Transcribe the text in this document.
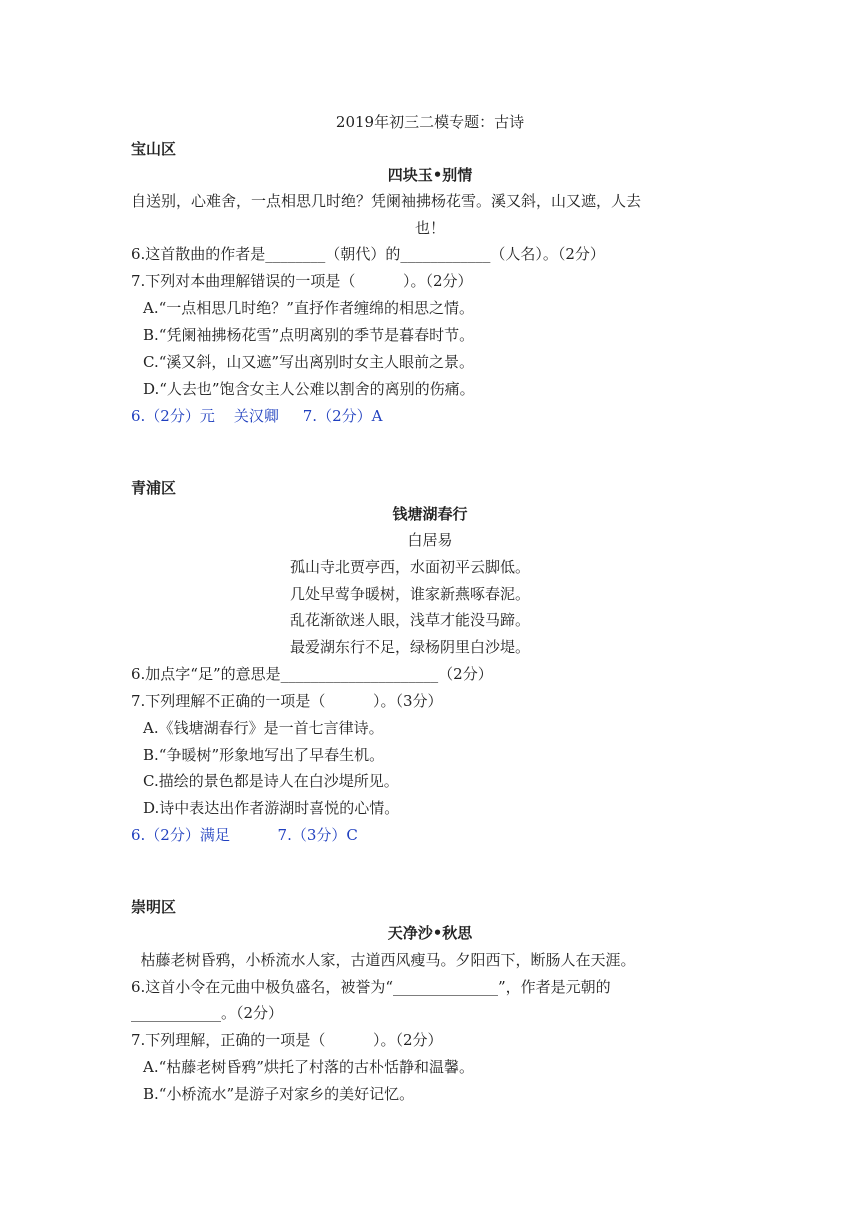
2019年初三二模专题：古诗
宝山区
四块玉•别情
自送别，心难舍，一点相思几时绝？凭阑袖拂杨花雪。溪又斜，山又遮，人去
也！
6.这首散曲的作者是________（朝代）的____________（人名）。（2分）
7.下列对本曲理解错误的一项是（          ）。（2分）
A.“一点相思几时绝？”直抒作者缠绵的相思之情。
B.“凭阑袖拂杨花雪”点明离别的季节是暮春时节。
C.“溪又斜，山又遮”写出离别时女主人眼前之景。
D.“人去也”饱含女主人公难以割舍的离别的伤痛。
6.（2分）元    关汉卿     7.（2分）A
青浦区
钱塘湖春行
白居易
孤山寺北贾亭西，水面初平云脚低。
几处早莺争暖树，谁家新燕啄春泥。
乱花渐欲迷人眼，浅草才能没马蹄。
最爱湖东行不足，绿杨阴里白沙堤。
6.加点字“足”的意思是_____________________（2分）
7.下列理解不正确的一项是（          ）。（3分）
A.《钱塘湖春行》是一首七言律诗。
B.“争暖树”形象地写出了早春生机。
C.描绘的景色都是诗人在白沙堤所见。
D.诗中表达出作者游湖时喜悦的心情。
6.（2分）满足          7.（3分）C
崇明区
天净沙•秋思
枯藤老树昏鸦，小桥流水人家，古道西风瘦马。夕阳西下，断肠人在天涯。
6.这首小令在元曲中极负盛名，被誉为“______________”，作者是元朝的
____________。（2分）
7.下列理解，正确的一项是（          ）。（2分）
A.“枯藤老树昏鸦”烘托了村落的古朴恬静和温馨。
B.“小桥流水”是游子对家乡的美好记忆。
